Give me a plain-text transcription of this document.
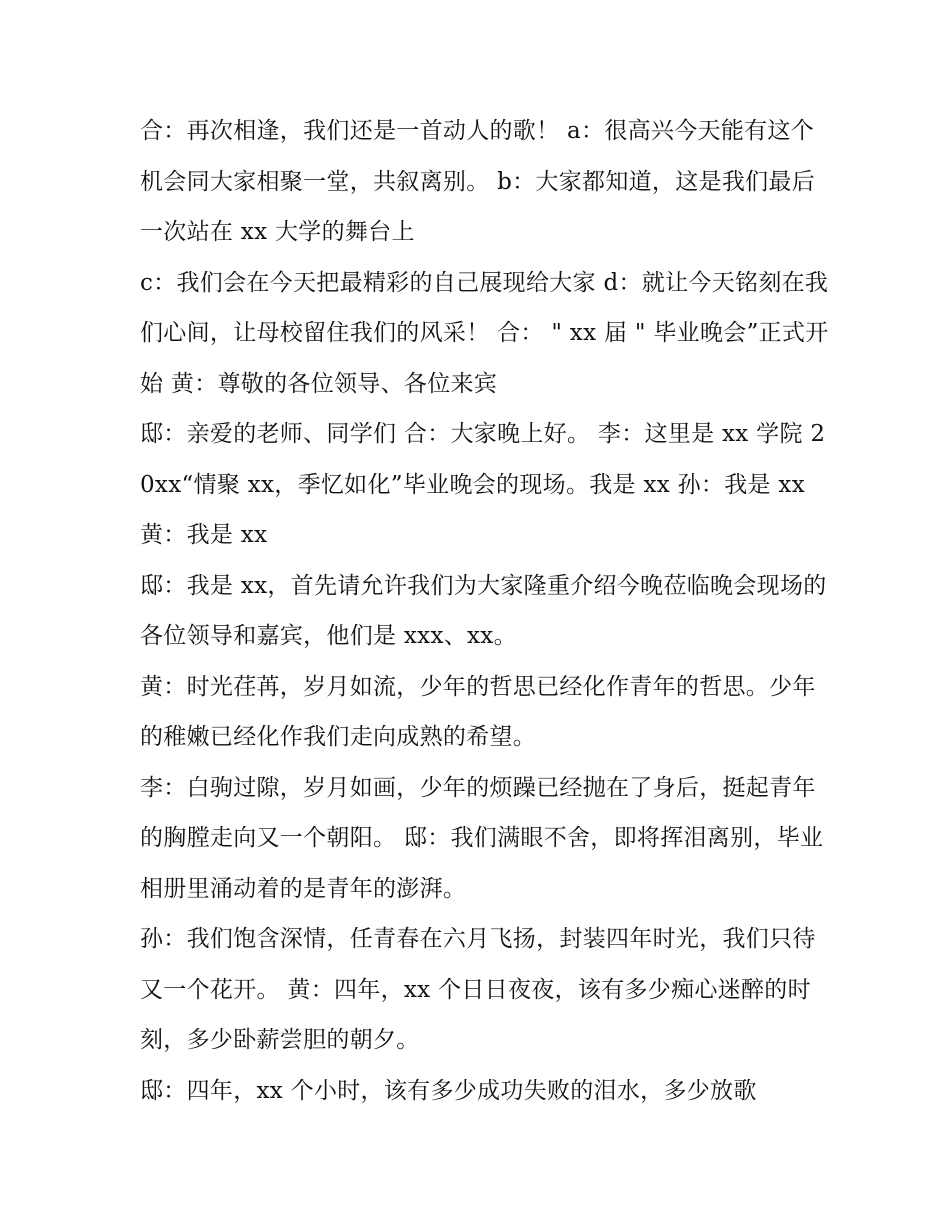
合：再次相逢，我们还是一首动人的歌！ a：很高兴今天能有这个机会同大家相聚一堂，共叙离别。 b：大家都知道，这是我们最后一次站在 xx 大学的舞台上

c：我们会在今天把最精彩的自己展现给大家 d：就让今天铭刻在我们心间，让母校留住我们的风采！ 合： " xx 届 " 毕业晚会”正式开始 黄：尊敬的各位领导、各位来宾

邸：亲爱的老师、同学们 合：大家晚上好。 李：这里是 xx 学院 20xx“情聚 xx，季忆如化”毕业晚会的现场。我是 xx 孙：我是 xx 黄：我是 xx

邸：我是 xx，首先请允许我们为大家隆重介绍今晚莅临晚会现场的各位领导和嘉宾，他们是 xxx、xx。

黄：时光荏苒，岁月如流，少年的哲思已经化作青年的哲思。少年的稚嫩已经化作我们走向成熟的希望。

李：白驹过隙，岁月如画，少年的烦躁已经抛在了身后，挺起青年的胸膛走向又一个朝阳。 邸：我们满眼不舍，即将挥泪离别，毕业相册里涌动着的是青年的澎湃。

孙：我们饱含深情，任青春在六月飞扬，封装四年时光，我们只待又一个花开。 黄：四年，xx 个日日夜夜，该有多少痴心迷醉的时刻，多少卧薪尝胆的朝夕。

邸：四年，xx 个小时，该有多少成功失败的泪水，多少放歌
